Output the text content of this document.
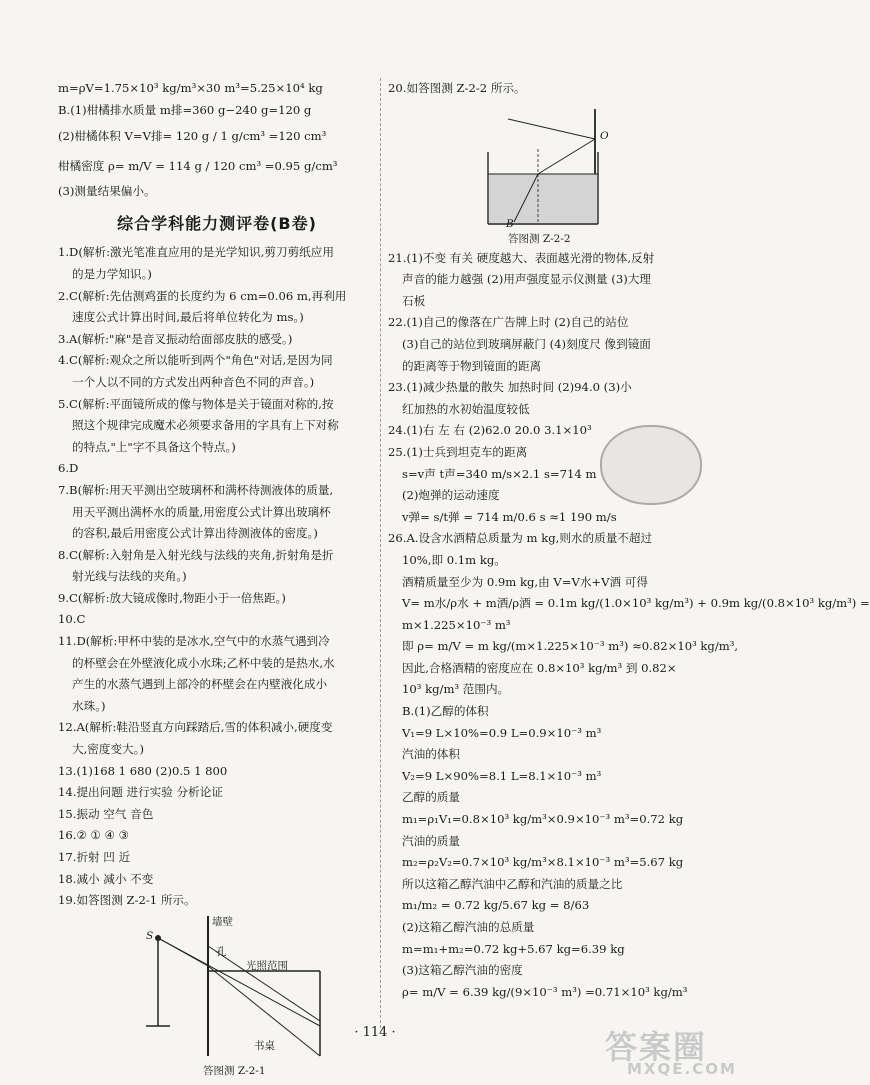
m=ρV=1.75×10³ kg/m³×30 m³=5.25×10⁴ kg
B.(1)柑橘排水质量 m排=360 g−240 g=120 g
(2)柑橘体积 V=V排= 120 g / 1 g/cm³ =120 cm³
柑橘密度 ρ= m/V = 114 g / 120 cm³ =0.95 g/cm³
(3)测量结果偏小。
综合学科能力测评卷(B卷)
1.D(解析:激光笔准直应用的是光学知识,剪刀剪纸应用
的是力学知识。)
2.C(解析:先估测鸡蛋的长度约为 6 cm=0.06 m,再利用
速度公式计算出时间,最后将单位转化为 ms。)
3.A(解析:"麻"是音叉振动给面部皮肤的感受。)
4.C(解析:观众之所以能听到两个"角色"对话,是因为同
一个人以不同的方式发出两种音色不同的声音。)
5.C(解析:平面镜所成的像与物体是关于镜面对称的,按
照这个规律完成魔术必须要求备用的字具有上下对称
的特点,"上"字不具备这个特点。)
6.D
7.B(解析:用天平测出空玻璃杯和满杯待测液体的质量,
用天平测出满杯水的质量,用密度公式计算出玻璃杯
的容积,最后用密度公式计算出待测液体的密度。)
8.C(解析:入射角是入射光线与法线的夹角,折射角是折
射光线与法线的夹角。)
9.C(解析:放大镜成像时,物距小于一倍焦距。)
10.C
11.D(解析:甲杯中装的是冰水,空气中的水蒸气遇到冷
的杯壁会在外壁液化成小水珠;乙杯中装的是热水,水
产生的水蒸气遇到上部冷的杯壁会在内壁液化成小
水珠。)
12.A(解析:鞋沿竖直方向踩踏后,雪的体积减小,硬度变
大,密度变大。)
13.(1)168 1 680 (2)0.5 1 800
14.提出问题 进行实验 分析论证
15.振动 空气 音色
16.② ① ④ ③
17.折射 凹 近
18.减小 减小 不变
19.如答图测 Z-2-1 所示。
墙壁
孔
光照范围
书桌
S
答图测 Z-2-1
20.如答图测 Z-2-2 所示。
O
B
答图测 Z-2-2
21.(1)不变 有关 硬度越大、表面越光滑的物体,反射
声音的能力越强 (2)用声强度显示仪测量 (3)大理
石板
22.(1)自己的像落在广告牌上时 (2)自己的站位
(3)自己的站位到玻璃屏蔽门 (4)刻度尺 像到镜面
的距离等于物到镜面的距离
23.(1)减少热量的散失 加热时间 (2)94.0 (3)小
红加热的水初始温度较低
24.(1)右 左 右 (2)62.0 20.0 3.1×10³
25.(1)士兵到坦克车的距离
s=v声 t声=340 m/s×2.1 s=714 m
(2)炮弹的运动速度
v弹= s/t弹 = 714 m/0.6 s ≈1 190 m/s
26.A.设含水酒精总质量为 m kg,则水的质量不超过
10%,即 0.1m kg。
酒精质量至少为 0.9m kg,由 V=V水+V酒 可得
V= m水/ρ水 + m酒/ρ酒 = 0.1m kg/(1.0×10³ kg/m³) + 0.9m kg/(0.8×10³ kg/m³) =
m×1.225×10⁻³ m³
即 ρ= m/V = m kg/(m×1.225×10⁻³ m³) ≈0.82×10³ kg/m³,
因此,合格酒精的密度应在 0.8×10³ kg/m³ 到 0.82×
10³ kg/m³ 范围内。
B.(1)乙醇的体积
V₁=9 L×10%=0.9 L=0.9×10⁻³ m³
汽油的体积
V₂=9 L×90%=8.1 L=8.1×10⁻³ m³
乙醇的质量
m₁=ρ₁V₁=0.8×10³ kg/m³×0.9×10⁻³ m³=0.72 kg
汽油的质量
m₂=ρ₂V₂=0.7×10³ kg/m³×8.1×10⁻³ m³=5.67 kg
所以这箱乙醇汽油中乙醇和汽油的质量之比
m₁/m₂ = 0.72 kg/5.67 kg = 8/63
(2)这箱乙醇汽油的总质量
m=m₁+m₂=0.72 kg+5.67 kg=6.39 kg
(3)这箱乙醇汽油的密度
ρ= m/V = 6.39 kg/(9×10⁻³ m³) =0.71×10³ kg/m³
· 114 ·	答案圈
MXQE.COM
